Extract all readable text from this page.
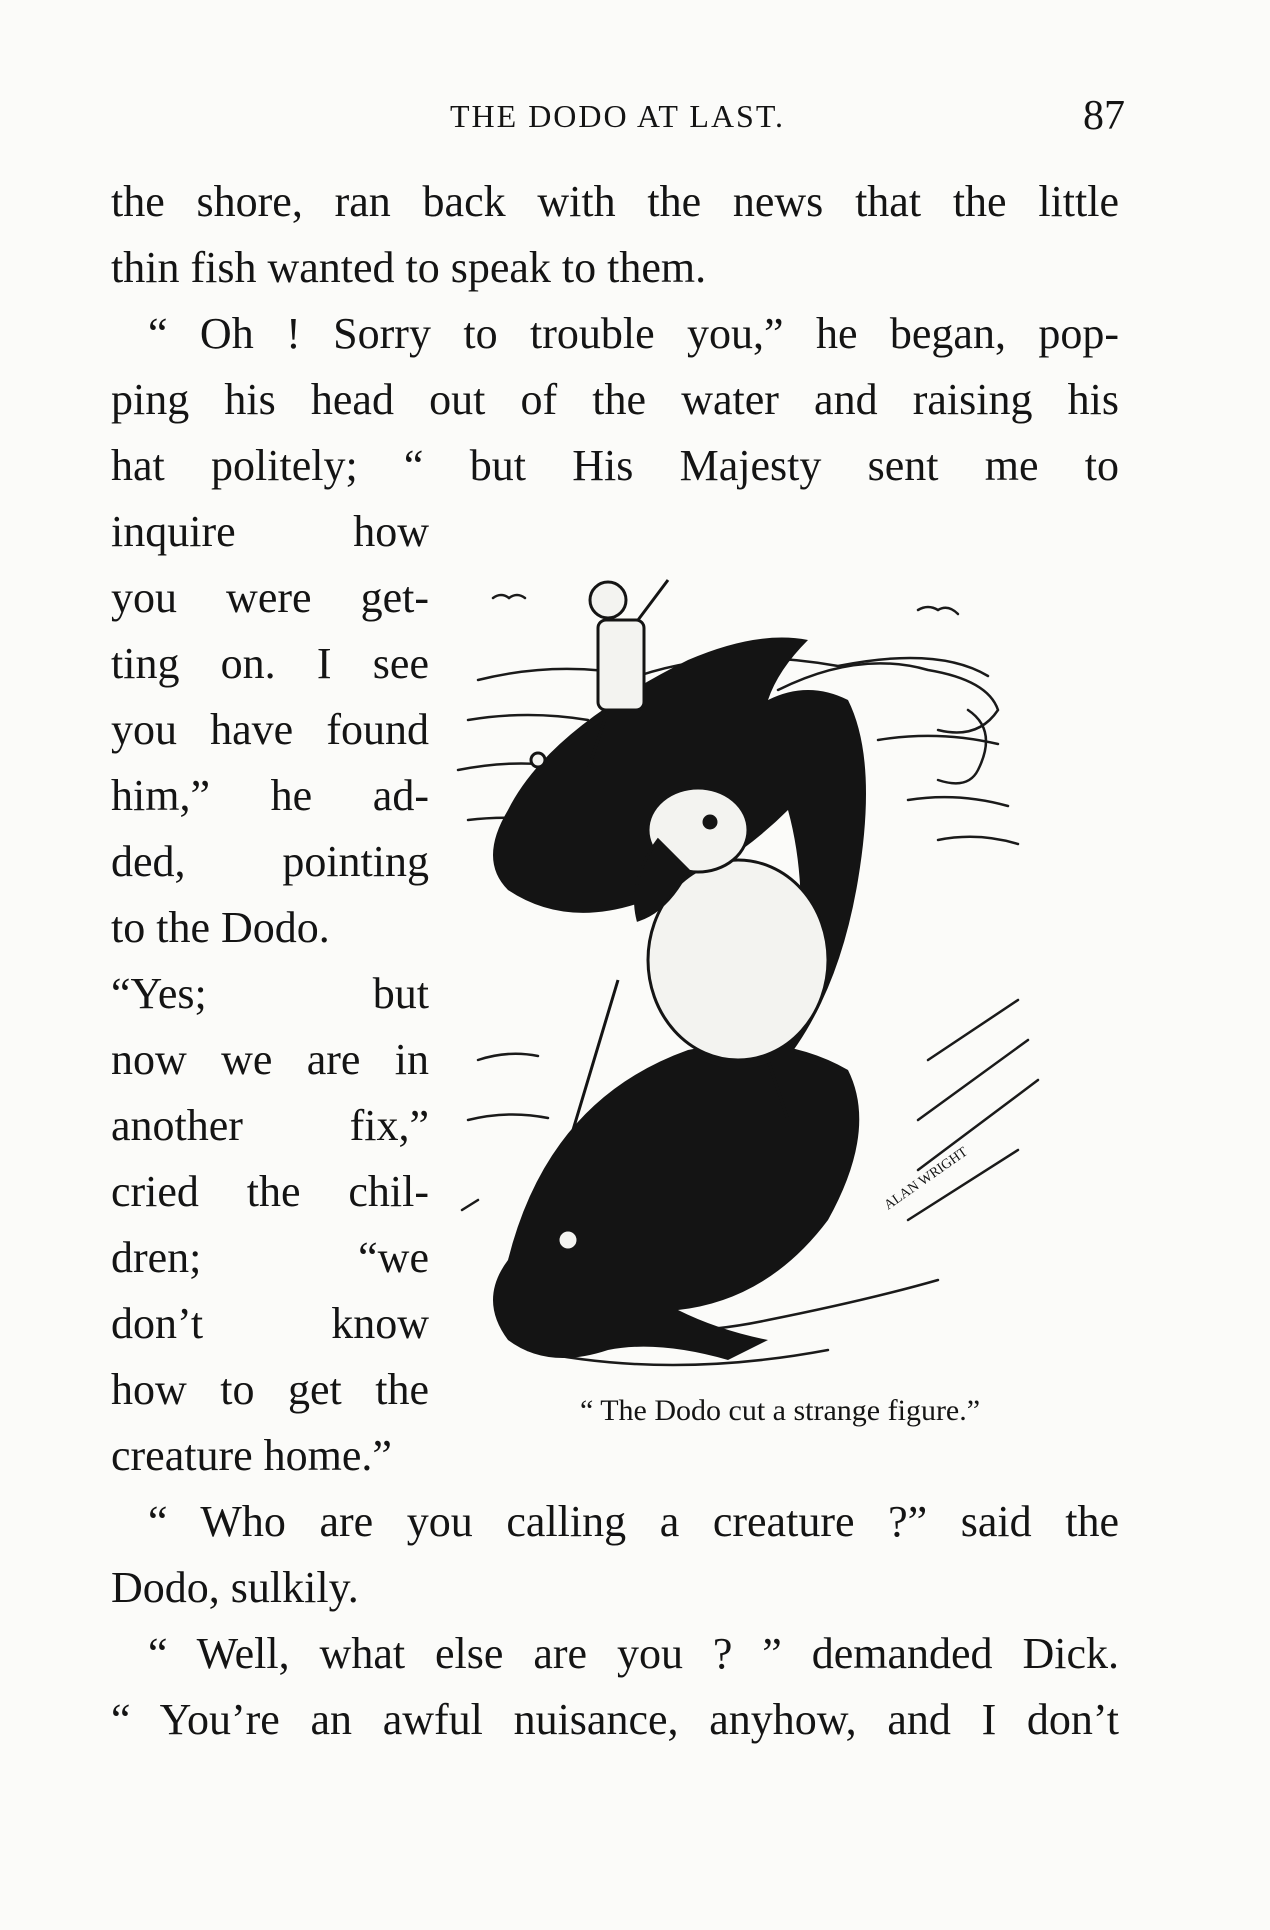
THE DODO AT LAST.	87
the shore, ran back with the news that the little
thin fish wanted to speak to them.
“ Oh ! Sorry to trouble you,” he began, pop-
ping his head out of the water and raising his
hat politely; “ but His Majesty sent me to
inquire how
you were get-
ting on. I see
you have found
him,” he ad-
ded, pointing
to the Dodo.
“Yes; but
now we are in
another fix,”
cried the chil-
dren; “we
don’t know
how to get the
creature home.”
ALAN WRIGHT
“ The Dodo cut a strange figure.”
“ Who are you calling a creature ?” said the
Dodo, sulkily.
“ Well, what else are you ? ” demanded Dick.
“ You’re an awful nuisance, anyhow, and I don’t
